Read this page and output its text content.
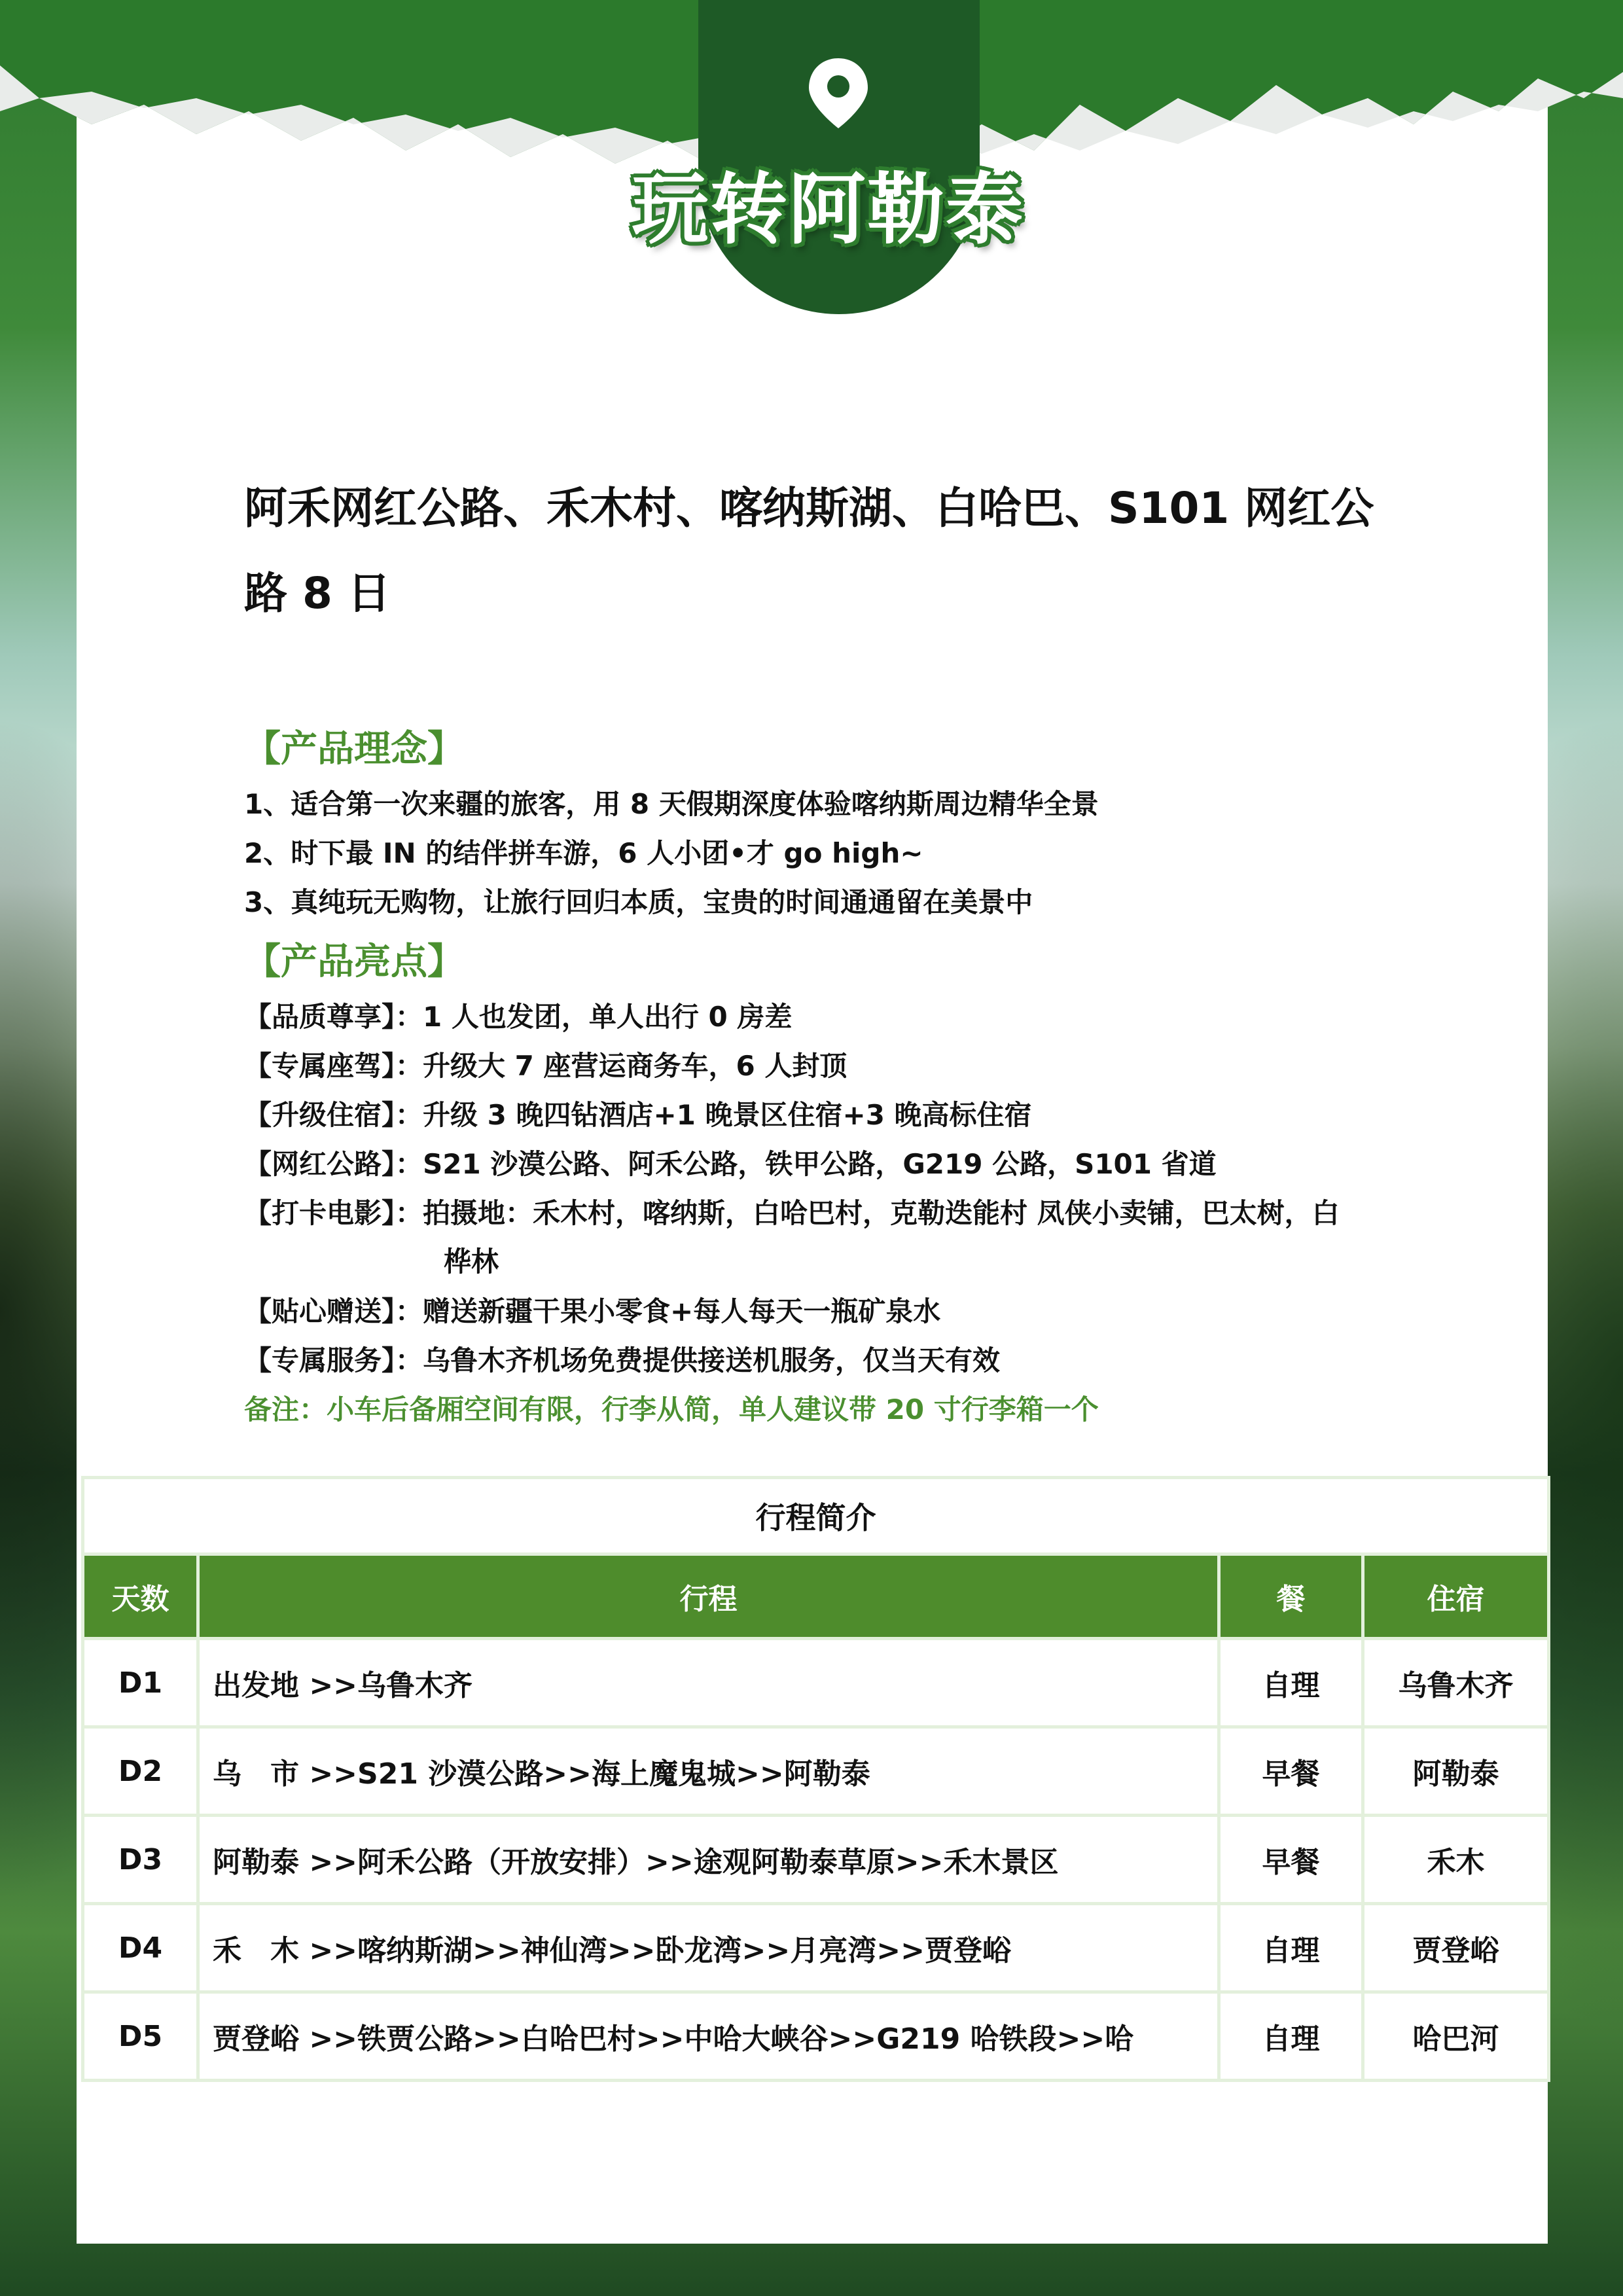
玩转阿勒泰
阿禾网红公路、禾木村、喀纳斯湖、白哈巴、S101 网红公路 8 日
【产品理念】
1、适合第一次来疆的旅客，用 8 天假期深度体验喀纳斯周边精华全景
2、时下最 IN 的结伴拼车游，6 人小团•才 go high~
3、真纯玩无购物，让旅行回归本质，宝贵的时间通通留在美景中
【产品亮点】
【品质尊享】：1 人也发团，单人出行 0 房差
【专属座驾】：升级大 7 座营运商务车，6 人封顶
【升级住宿】：升级 3 晚四钻酒店+1 晚景区住宿+3 晚高标住宿
【网红公路】：S21 沙漠公路、阿禾公路，铁甲公路，G219 公路，S101 省道
【打卡电影】：拍摄地：禾木村，喀纳斯，白哈巴村，克勒迭能村 凤侠小卖铺，巴太树，白
桦林
【贴心赠送】：赠送新疆干果小零食+每人每天一瓶矿泉水
【专属服务】：乌鲁木齐机场免费提供接送机服务，仅当天有效
备注：小车后备厢空间有限，行李从简，单人建议带 20 寸行李箱一个
行程简介			
天数	行程	餐	住宿
D1	出发地 >>乌鲁木齐	自理	乌鲁木齐
D2	乌　市 >>S21 沙漠公路>>海上魔鬼城>>阿勒泰	早餐	阿勒泰
D3	阿勒泰 >>阿禾公路（开放安排）>>途观阿勒泰草原>>禾木景区	早餐	禾木
D4	禾　木 >>喀纳斯湖>>神仙湾>>卧龙湾>>月亮湾>>贾登峪	自理	贾登峪
D5	贾登峪 >>铁贾公路>>白哈巴村>>中哈大峡谷>>G219 哈铁段>>哈	自理	哈巴河
